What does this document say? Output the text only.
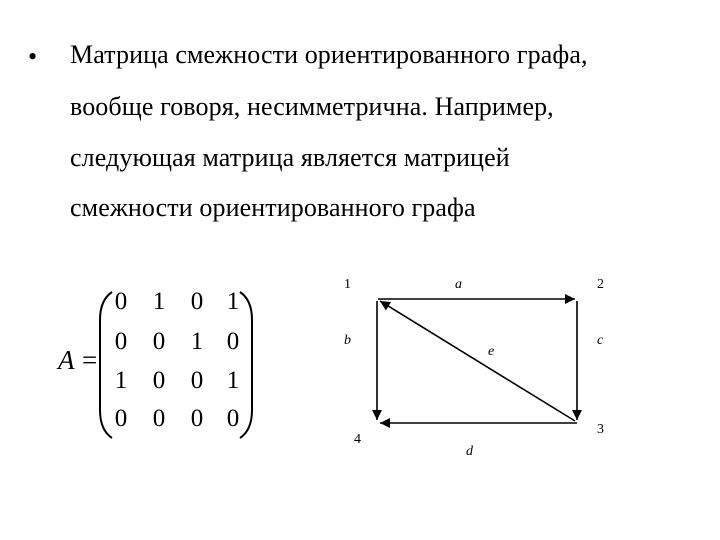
• Матрица смежности ориентированного графа,
вообще говоря, несимметрична. Например,
следующая матрица является матрицей
смежности ориентированного графа
A =
0 1 0 1
0 0 1 0
1 0 0 1
0 0 0 0
1	2
3
4
a
b	c
d
e
